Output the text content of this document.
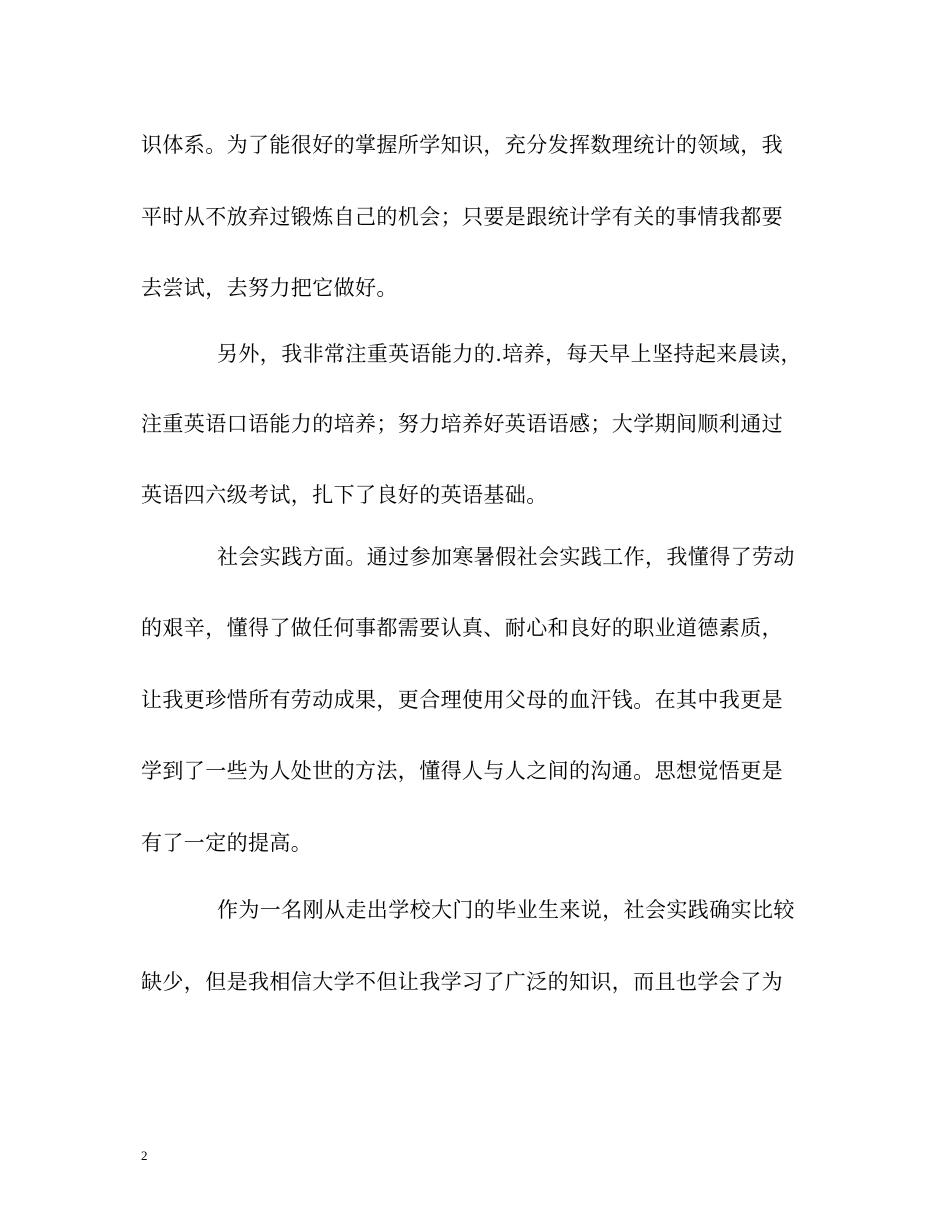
识体系。为了能很好的掌握所学知识，充分发挥数理统计的领域，我
平时从不放弃过锻炼自己的机会；只要是跟统计学有关的事情我都要
去尝试，去努力把它做好。
另外，我非常注重英语能力的.培养，每天早上坚持起来晨读，
注重英语口语能力的培养；努力培养好英语语感；大学期间顺利通过
英语四六级考试，扎下了良好的英语基础。
社会实践方面。通过参加寒暑假社会实践工作，我懂得了劳动
的艰辛，懂得了做任何事都需要认真、耐心和良好的职业道德素质，
让我更珍惜所有劳动成果，更合理使用父母的血汗钱。在其中我更是
学到了一些为人处世的方法，懂得人与人之间的沟通。思想觉悟更是
有了一定的提高。
作为一名刚从走出学校大门的毕业生来说，社会实践确实比较
缺少，但是我相信大学不但让我学习了广泛的知识，而且也学会了为
2
